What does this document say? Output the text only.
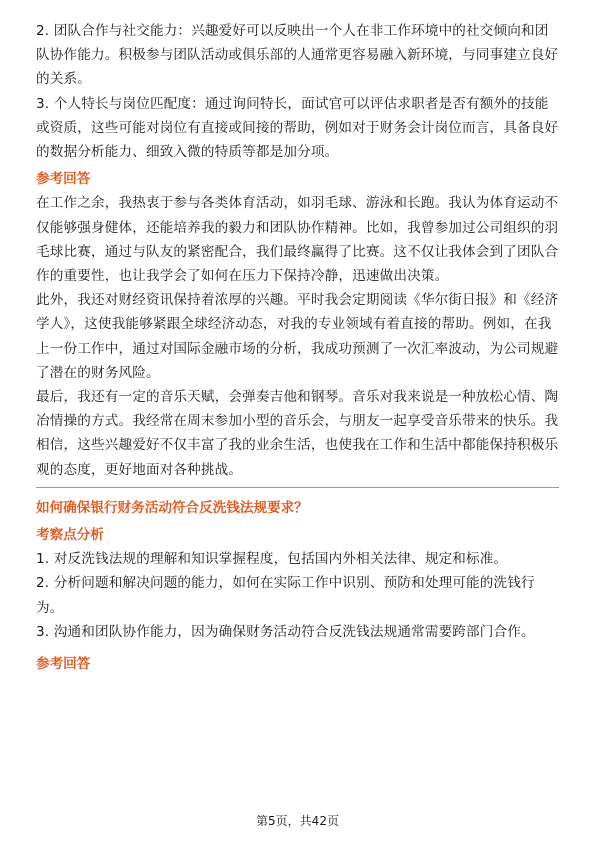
2. 团队合作与社交能力：兴趣爱好可以反映出一个人在非工作环境中的社交倾向和团队协作能力。积极参与团队活动或俱乐部的人通常更容易融入新环境，与同事建立良好的关系。

3. 个人特长与岗位匹配度：通过询问特长，面试官可以评估求职者是否有额外的技能或资质，这些可能对岗位有直接或间接的帮助，例如对于财务会计岗位而言，具备良好的数据分析能力、细致入微的特质等都是加分项。

参考回答

在工作之余，我热衷于参与各类体育活动，如羽毛球、游泳和长跑。我认为体育运动不仅能够强身健体，还能培养我的毅力和团队协作精神。比如，我曾参加过公司组织的羽毛球比赛，通过与队友的紧密配合，我们最终赢得了比赛。这不仅让我体会到了团队合作的重要性，也让我学会了如何在压力下保持冷静，迅速做出决策。

此外，我还对财经资讯保持着浓厚的兴趣。平时我会定期阅读《华尔街日报》和《经济学人》，这使我能够紧跟全球经济动态，对我的专业领域有着直接的帮助。例如，在我上一份工作中，通过对国际金融市场的分析，我成功预测了一次汇率波动，为公司规避了潜在的财务风险。

最后，我还有一定的音乐天赋，会弹奏吉他和钢琴。音乐对我来说是一种放松心情、陶冶情操的方式。我经常在周末参加小型的音乐会，与朋友一起享受音乐带来的快乐。我相信，这些兴趣爱好不仅丰富了我的业余生活，也使我在工作和生活中都能保持积极乐观的态度，更好地面对各种挑战。

如何确保银行财务活动符合反洗钱法规要求？

考察点分析

1. 对反洗钱法规的理解和知识掌握程度，包括国内外相关法律、规定和标准。

2. 分析问题和解决问题的能力，如何在实际工作中识别、预防和处理可能的洗钱行为。

3. 沟通和团队协作能力，因为确保财务活动符合反洗钱法规通常需要跨部门合作。

参考回答

第5页，共42页
